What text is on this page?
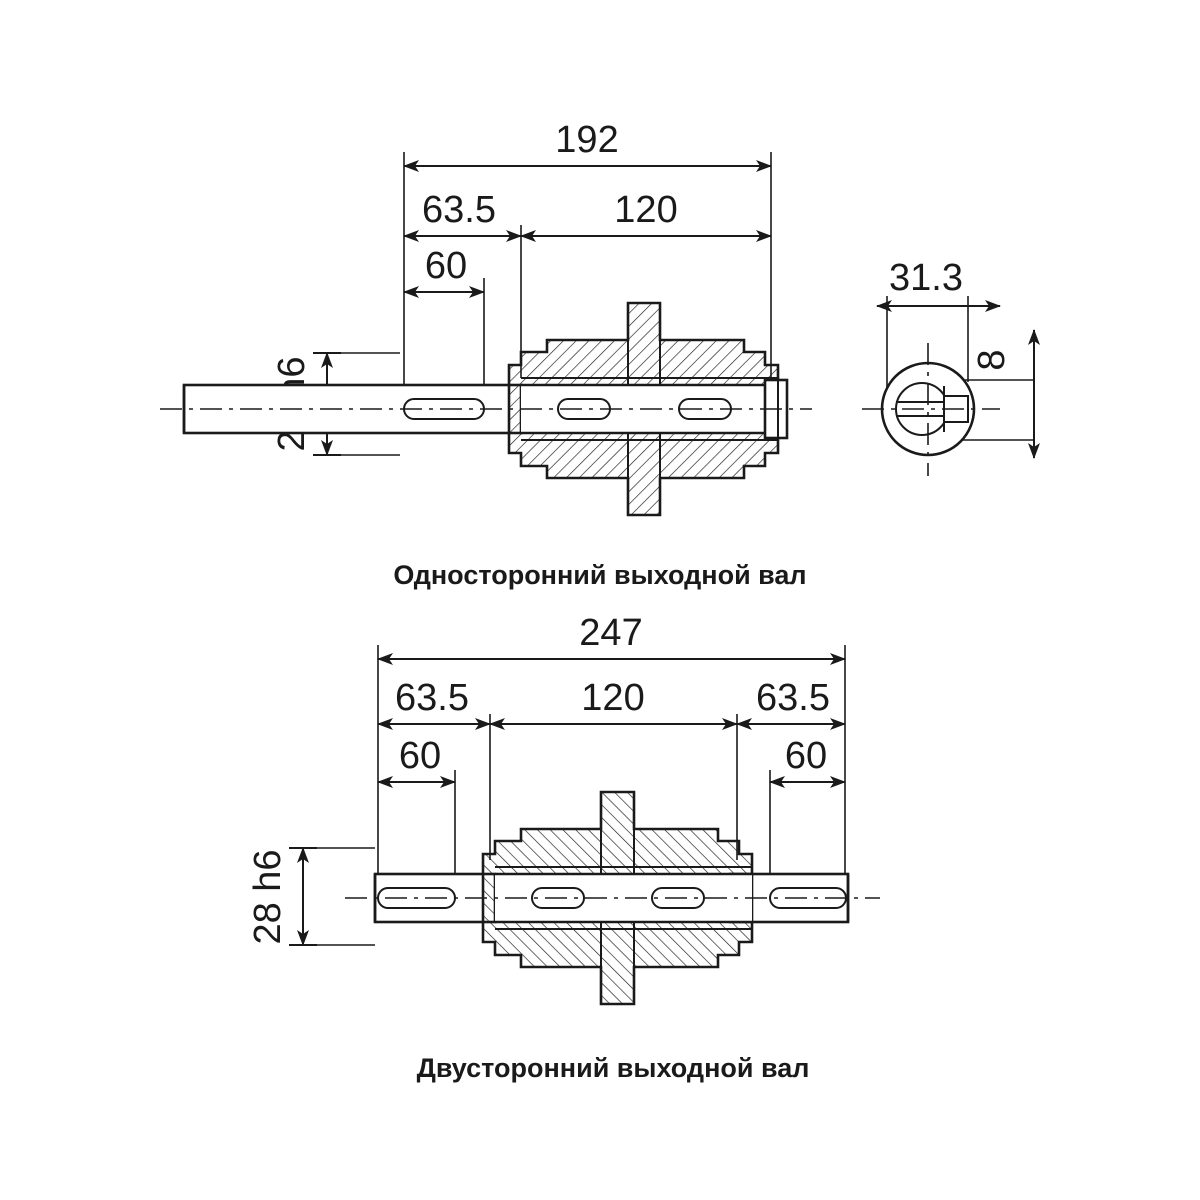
192
63.5	120
60
Односторонний выходной вал
31.3
8
247
63.5	120	63.5
60	60
28 h6
Двусторонний выходной вал
